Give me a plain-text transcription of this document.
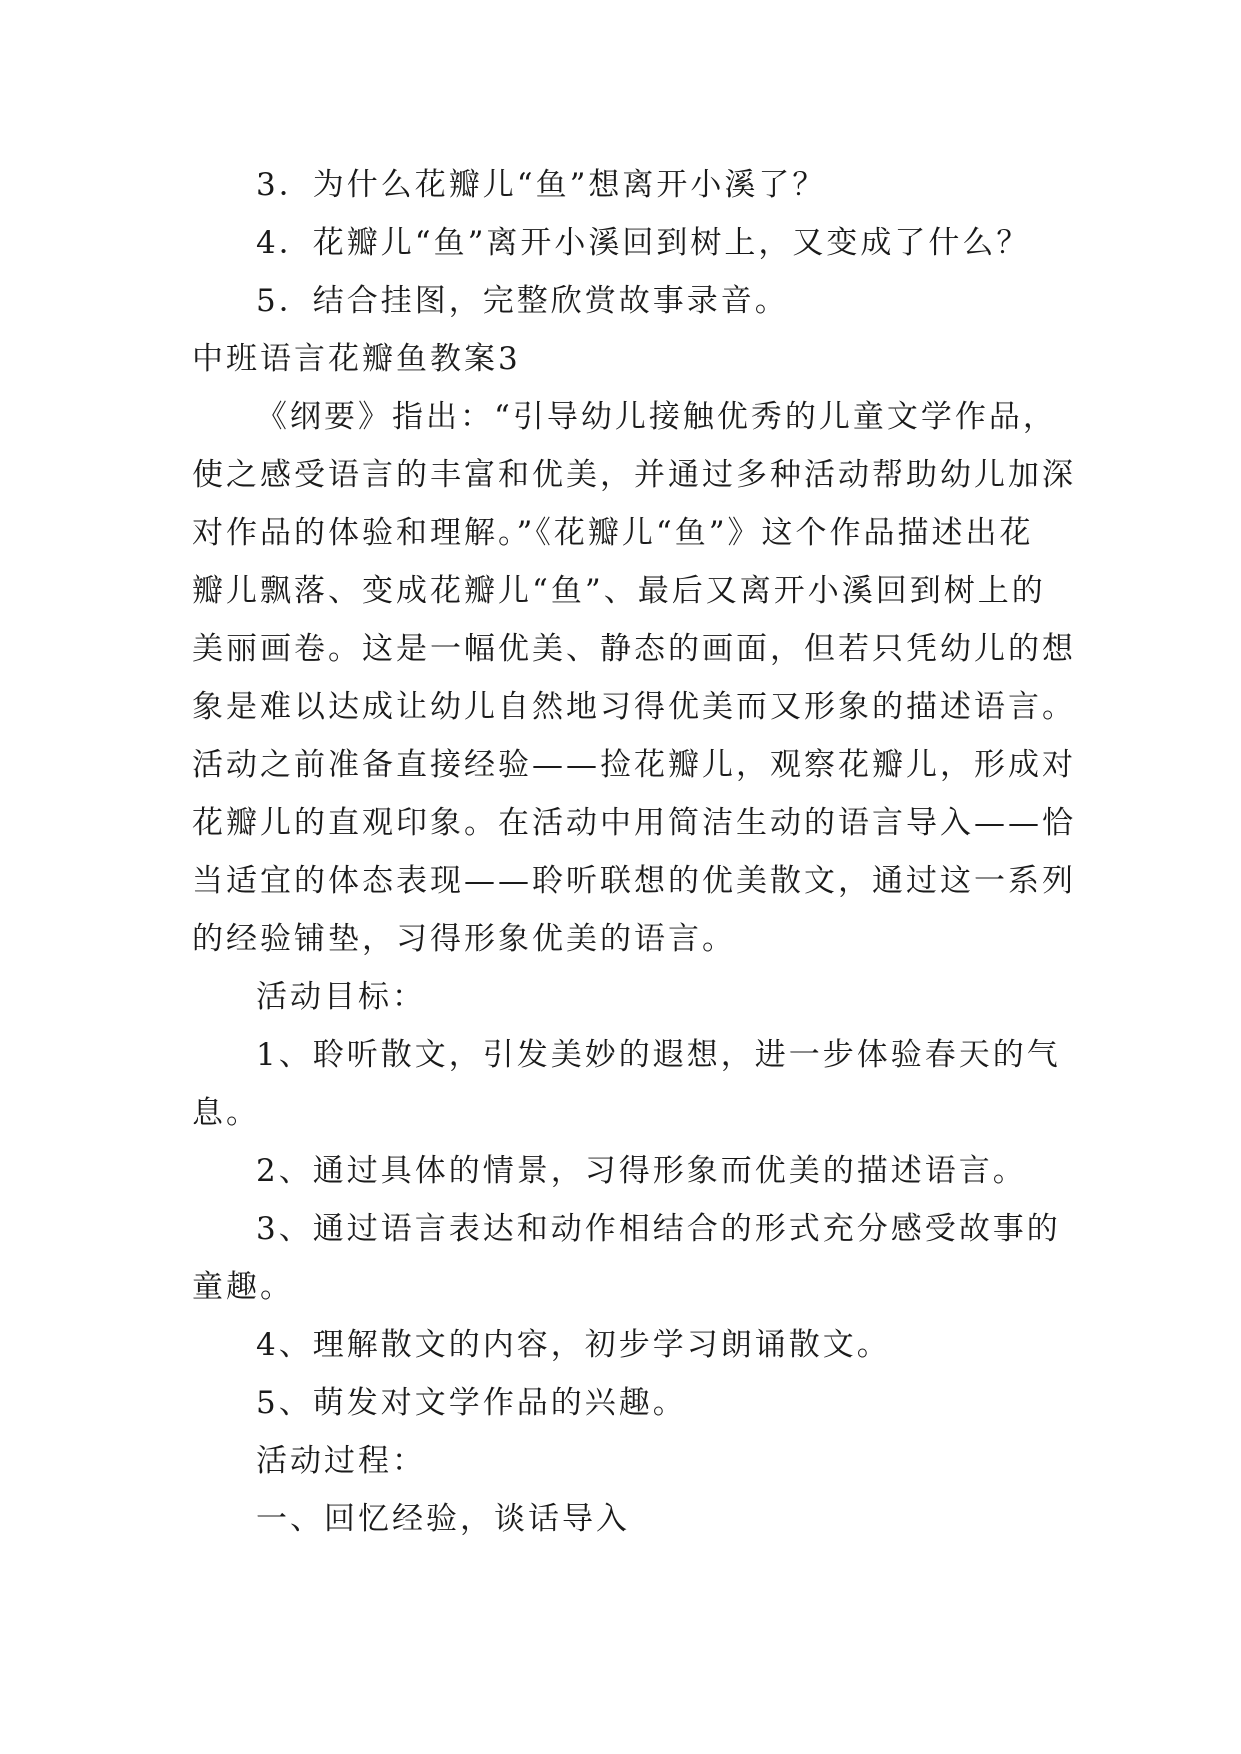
3．为什么花瓣儿“鱼”想离开小溪了？
4．花瓣儿“鱼”离开小溪回到树上，又变成了什么？
5．结合挂图，完整欣赏故事录音。
中班语言花瓣鱼教案3
《纲要》指出：“引导幼儿接触优秀的儿童文学作品，
使之感受语言的丰富和优美，并通过多种活动帮助幼儿加深
对作品的体验和理解。”《花瓣儿“鱼”》这个作品描述出花
瓣儿飘落、变成花瓣儿“鱼”、最后又离开小溪回到树上的
美丽画卷。这是一幅优美、静态的画面，但若只凭幼儿的想
象是难以达成让幼儿自然地习得优美而又形象的描述语言。
活动之前准备直接经验——捡花瓣儿，观察花瓣儿，形成对
花瓣儿的直观印象。在活动中用简洁生动的语言导入——恰
当适宜的体态表现——聆听联想的优美散文，通过这一系列
的经验铺垫，习得形象优美的语言。
活动目标：
1、聆听散文，引发美妙的遐想，进一步体验春天的气
息。
2、通过具体的情景，习得形象而优美的描述语言。
3、通过语言表达和动作相结合的形式充分感受故事的
童趣。
4、理解散文的内容，初步学习朗诵散文。
5、萌发对文学作品的兴趣。
活动过程：
一、回忆经验，谈话导入
